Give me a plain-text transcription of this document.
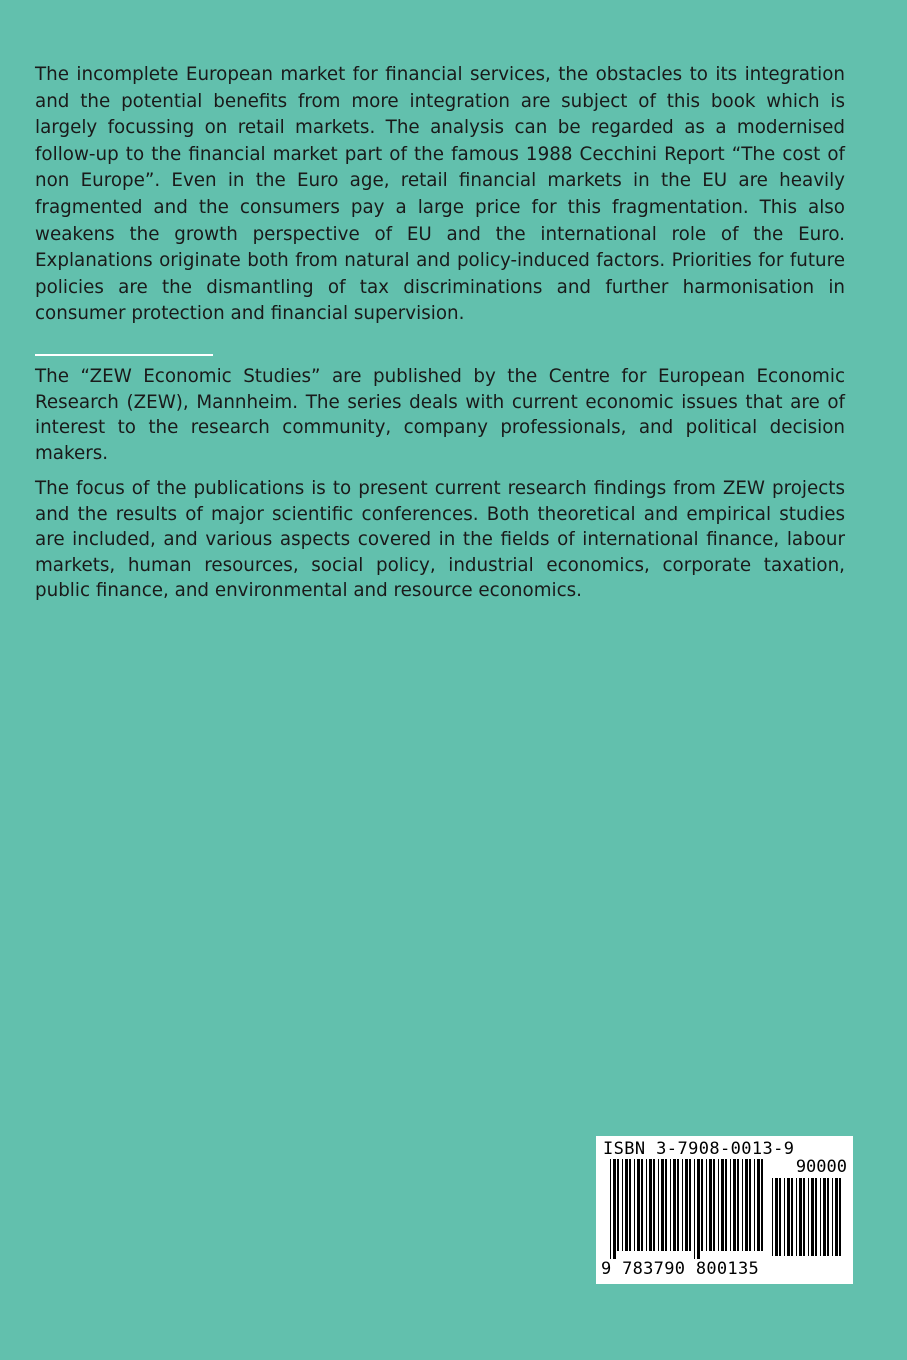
The incomplete European market for financial services, the obstacles to its integration and the potential benefits from more integration are subject of this book which is largely focussing on retail markets. The analysis can be regarded as a modernised follow-up to the financial market part of the famous 1988 Cecchini Report “The cost of non Europe”. Even in the Euro age, retail financial markets in the EU are heavily fragmented and the consumers pay a large price for this fragmentation. This also weakens the growth perspective of EU and the international role of the Euro. Explanations originate both from natural and policy-induced factors. Priorities for future policies are the dismantling of tax discriminations and further harmonisation in consumer protection and financial supervision.

The “ZEW Economic Studies” are published by the Centre for European Economic Research (ZEW), Mannheim. The series deals with current economic issues that are of interest to the research community, company professionals, and political decision makers.

The focus of the publications is to present current research findings from ZEW projects and the results of major scientific conferences. Both theoretical and empirical studies are included, and various aspects covered in the fields of international finance, labour markets, human resources, social policy, industrial economics, corporate taxation, public finance, and environmental and resource economics.

ISBN 3-7908-0013-9
90000
9 783790 800135
